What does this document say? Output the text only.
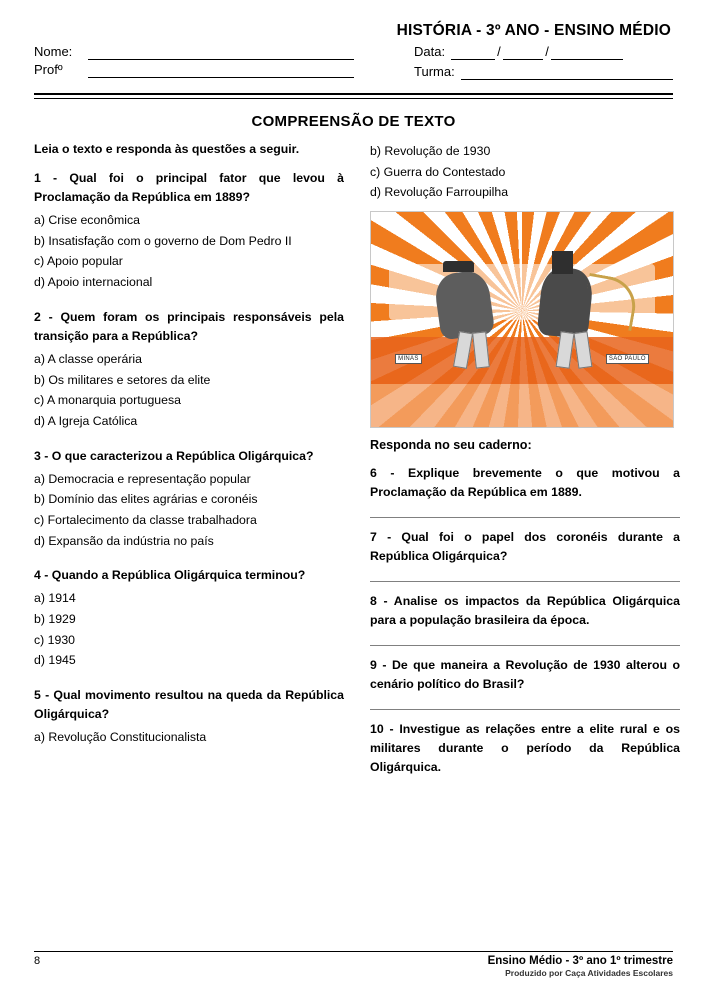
HISTÓRIA - 3º ANO - ENSINO MÉDIO
Nome:
Profº
Data:	/	/
Turma:
COMPREENSÃO DE TEXTO
Leia o texto e responda às questões a seguir.
1 - Qual foi o principal fator que levou à Proclamação da República em 1889?
a) Crise econômica
b) Insatisfação com o governo de Dom Pedro II
c) Apoio popular
d) Apoio internacional
2 - Quem foram os principais responsáveis pela transição para a República?
a) A classe operária
b) Os militares e setores da elite
c) A monarquia portuguesa
d) A Igreja Católica
3 - O que caracterizou a República Oligárquica?
a) Democracia e representação popular
b) Domínio das elites agrárias e coronéis
c) Fortalecimento da classe trabalhadora
d) Expansão da indústria no país
4 - Quando a República Oligárquica terminou?
a) 1914
b) 1929
c) 1930
d) 1945
5 - Qual movimento resultou na queda da República Oligárquica?
a) Revolução Constitucionalista
b) Revolução de 1930
c) Guerra do Contestado
d) Revolução Farroupilha
MINAS	SÃO PAULO
Responda no seu caderno:
6 - Explique brevemente o que motivou a Proclamação da República em 1889.
7 - Qual foi o papel dos coronéis durante a República Oligárquica?
8 - Analise os impactos da República Oligárquica para a população brasileira da época.
9 - De que maneira a Revolução de 1930 alterou o cenário político do Brasil?
10 - Investigue as relações entre a elite rural e os militares durante o período da República Oligárquica.
8	Ensino Médio - 3º ano 1º trimestre
Produzido por Caça Atividades Escolares
